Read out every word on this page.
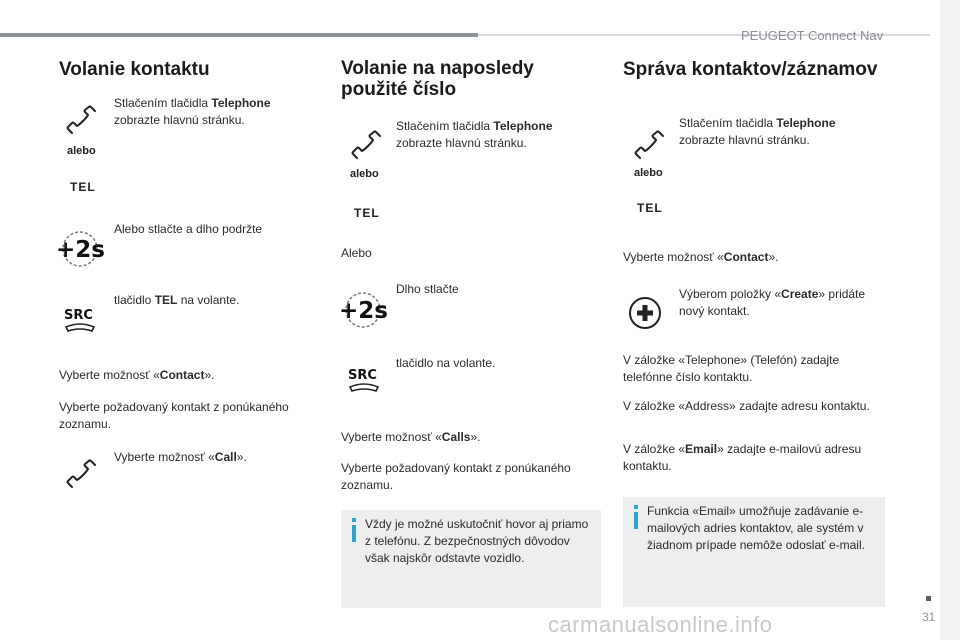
PEUGEOT Connect Nav
Volanie kontaktu

Stlačením tlačidla Telephone zobrazte hlavnú stránku.

alebo
TEL
+2s

Alebo stlačte a dlho podržte

SRC

tlačidlo TEL na volante.

Vyberte možnosť «Contact».

Vyberte požadovaný kontakt z ponúkaného zoznamu.

Vyberte možnosť «Call».

Volanie na naposledy
použité číslo

Stlačením tlačidla Telephone zobrazte hlavnú stránku.

alebo
TEL

Alebo

+2s

Dlho stlačte

SRC

tlačidlo na volante.

Vyberte možnosť «Calls».

Vyberte požadovaný kontakt z ponúkaného zoznamu.

Vždy je možné uskutočniť hovor aj priamo z telefónu. Z bezpečnostných dôvodov však najskôr odstavte vozidlo.
Správa kontaktov/záznamov

Stlačením tlačidla Telephone zobrazte hlavnú stránku.

alebo
TEL

Vyberte možnosť «Contact».

Výberom položky «Create» pridáte nový kontakt.

V záložke «Telephone» (Telefón) zadajte telefónne číslo kontaktu.

V záložke «Address» zadajte adresu kontaktu.

V záložke «Email» zadajte e-mailovú adresu kontaktu.

Funkcia «Email» umožňuje zadávanie e-mailových adries kontaktov, ale systém v žiadnom prípade nemôže odoslať e-mail.
31
carmanualsonline.info
